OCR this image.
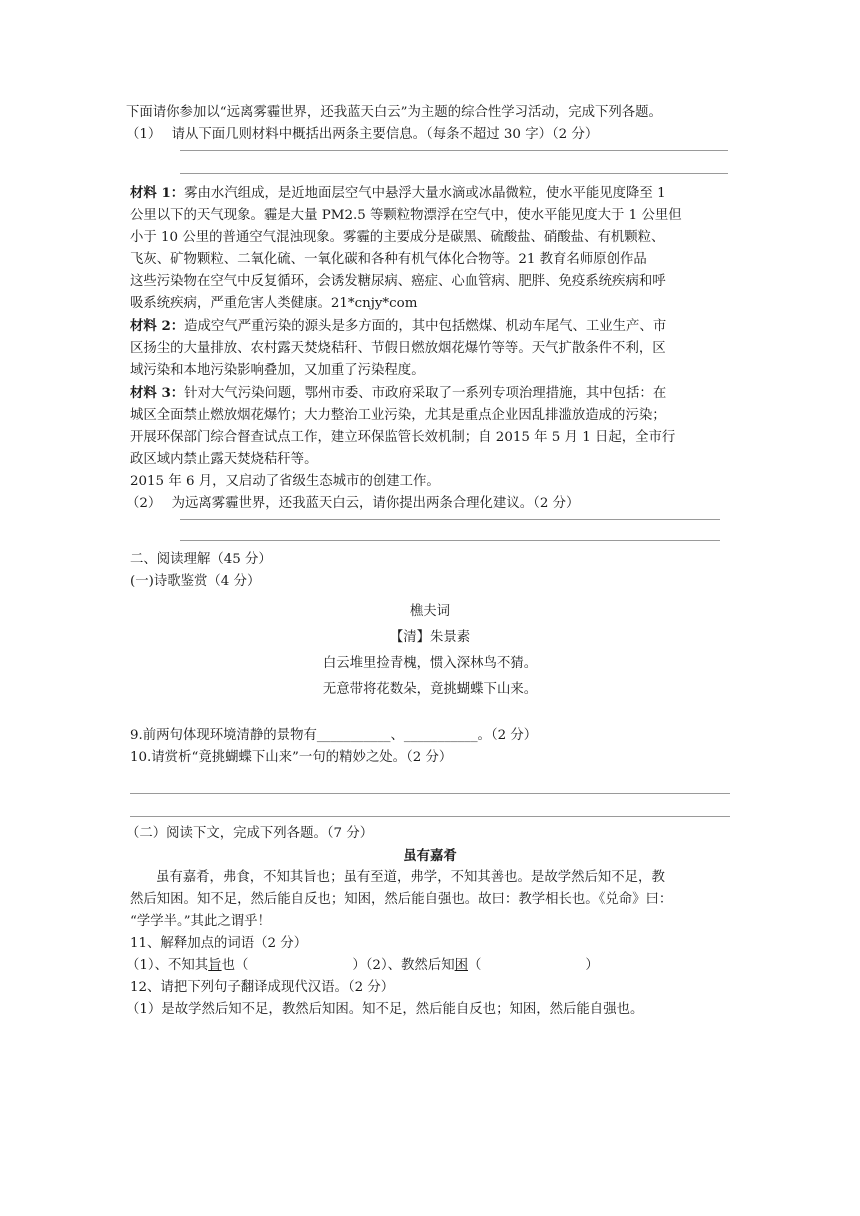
下面请你参加以“远离雾霾世界，还我蓝天白云”为主题的综合性学习活动，完成下列各题。
（1） 请从下面几则材料中概括出两条主要信息。（每条不超过 30 字）（2 分）
材料 1：雾由水汽组成，是近地面层空气中悬浮大量水滴或冰晶微粒，使水平能见度降至 1
公里以下的天气现象。霾是大量 PM2.5 等颗粒物漂浮在空气中，使水平能见度大于 1 公里但
小于 10 公里的普通空气混浊现象。雾霾的主要成分是碳黑、硫酸盐、硝酸盐、有机颗粒、
飞灰、矿物颗粒、二氧化硫、一氧化碳和各种有机气体化合物等。21 教育名师原创作品
这些污染物在空气中反复循环，会诱发糖尿病、癌症、心血管病、肥胖、免疫系统疾病和呼
吸系统疾病，严重危害人类健康。21*cnjy*com
材料 2：造成空气严重污染的源头是多方面的，其中包括燃煤、机动车尾气、工业生产、市
区扬尘的大量排放、农村露天焚烧秸秆、节假日燃放烟花爆竹等等。天气扩散条件不利，区
域污染和本地污染影响叠加，又加重了污染程度。
材料 3：针对大气污染问题，鄂州市委、市政府采取了一系列专项治理措施，其中包括：在
城区全面禁止燃放烟花爆竹；大力整治工业污染，尤其是重点企业因乱排滥放造成的污染；
开展环保部门综合督查试点工作，建立环保监管长效机制；自 2015 年 5 月 1 日起，全市行
政区域内禁止露天焚烧秸秆等。
2015 年 6 月，又启动了省级生态城市的创建工作。
（2） 为远离雾霾世界，还我蓝天白云，请你提出两条合理化建议。（2 分）
二、阅读理解（45 分）
(一)诗歌鉴赏（4 分）
樵夫词
【清】朱景素
白云堆里捡青槐，惯入深林鸟不猜。
无意带将花数朵，竟挑蝴蝶下山来。
9.前两句体现环境清静的景物有___________、___________。（2 分）
10.请赏析“竟挑蝴蝶下山来”一句的精妙之处。（2 分）
（二）阅读下文，完成下列各题。（7 分）
虽有嘉肴
虽有嘉肴，弗食，不知其旨也；虽有至道，弗学，不知其善也。是故学然后知不足，教
然后知困。知不足，然后能自反也；知困，然后能自强也。故曰：教学相长也。《兑命》曰：
“学学半。”其此之谓乎！
11、解释加点的词语（2 分）
（1）、不知其旨也（	）（2）、教然后知困（	）
12、请把下列句子翻译成现代汉语。（2 分）
（1）是故学然后知不足，教然后知困。知不足，然后能自反也；知困，然后能自强也。
